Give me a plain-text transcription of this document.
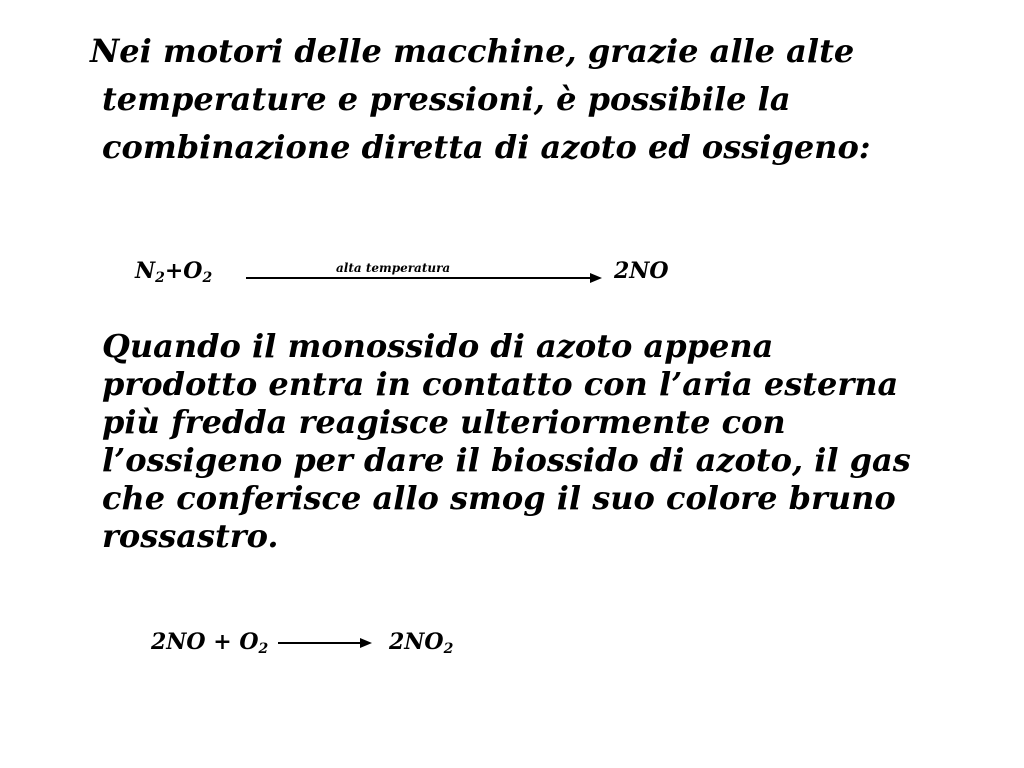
Nei motori delle macchine, grazie alle alte
temperature e pressioni, è possibile la
combinazione diretta di azoto ed ossigeno:
$N_2+O_2$
alta temperatura	2NO
Quando il monossido di azoto appena
prodotto entra in contatto con l’aria esterna
più fredda reagisce ulteriormente con
l’ossigeno per dare il biossido di azoto, il gas
che conferisce allo smog il suo colore bruno
rossastro.
$2NO + O_2$	$2NO_2$
